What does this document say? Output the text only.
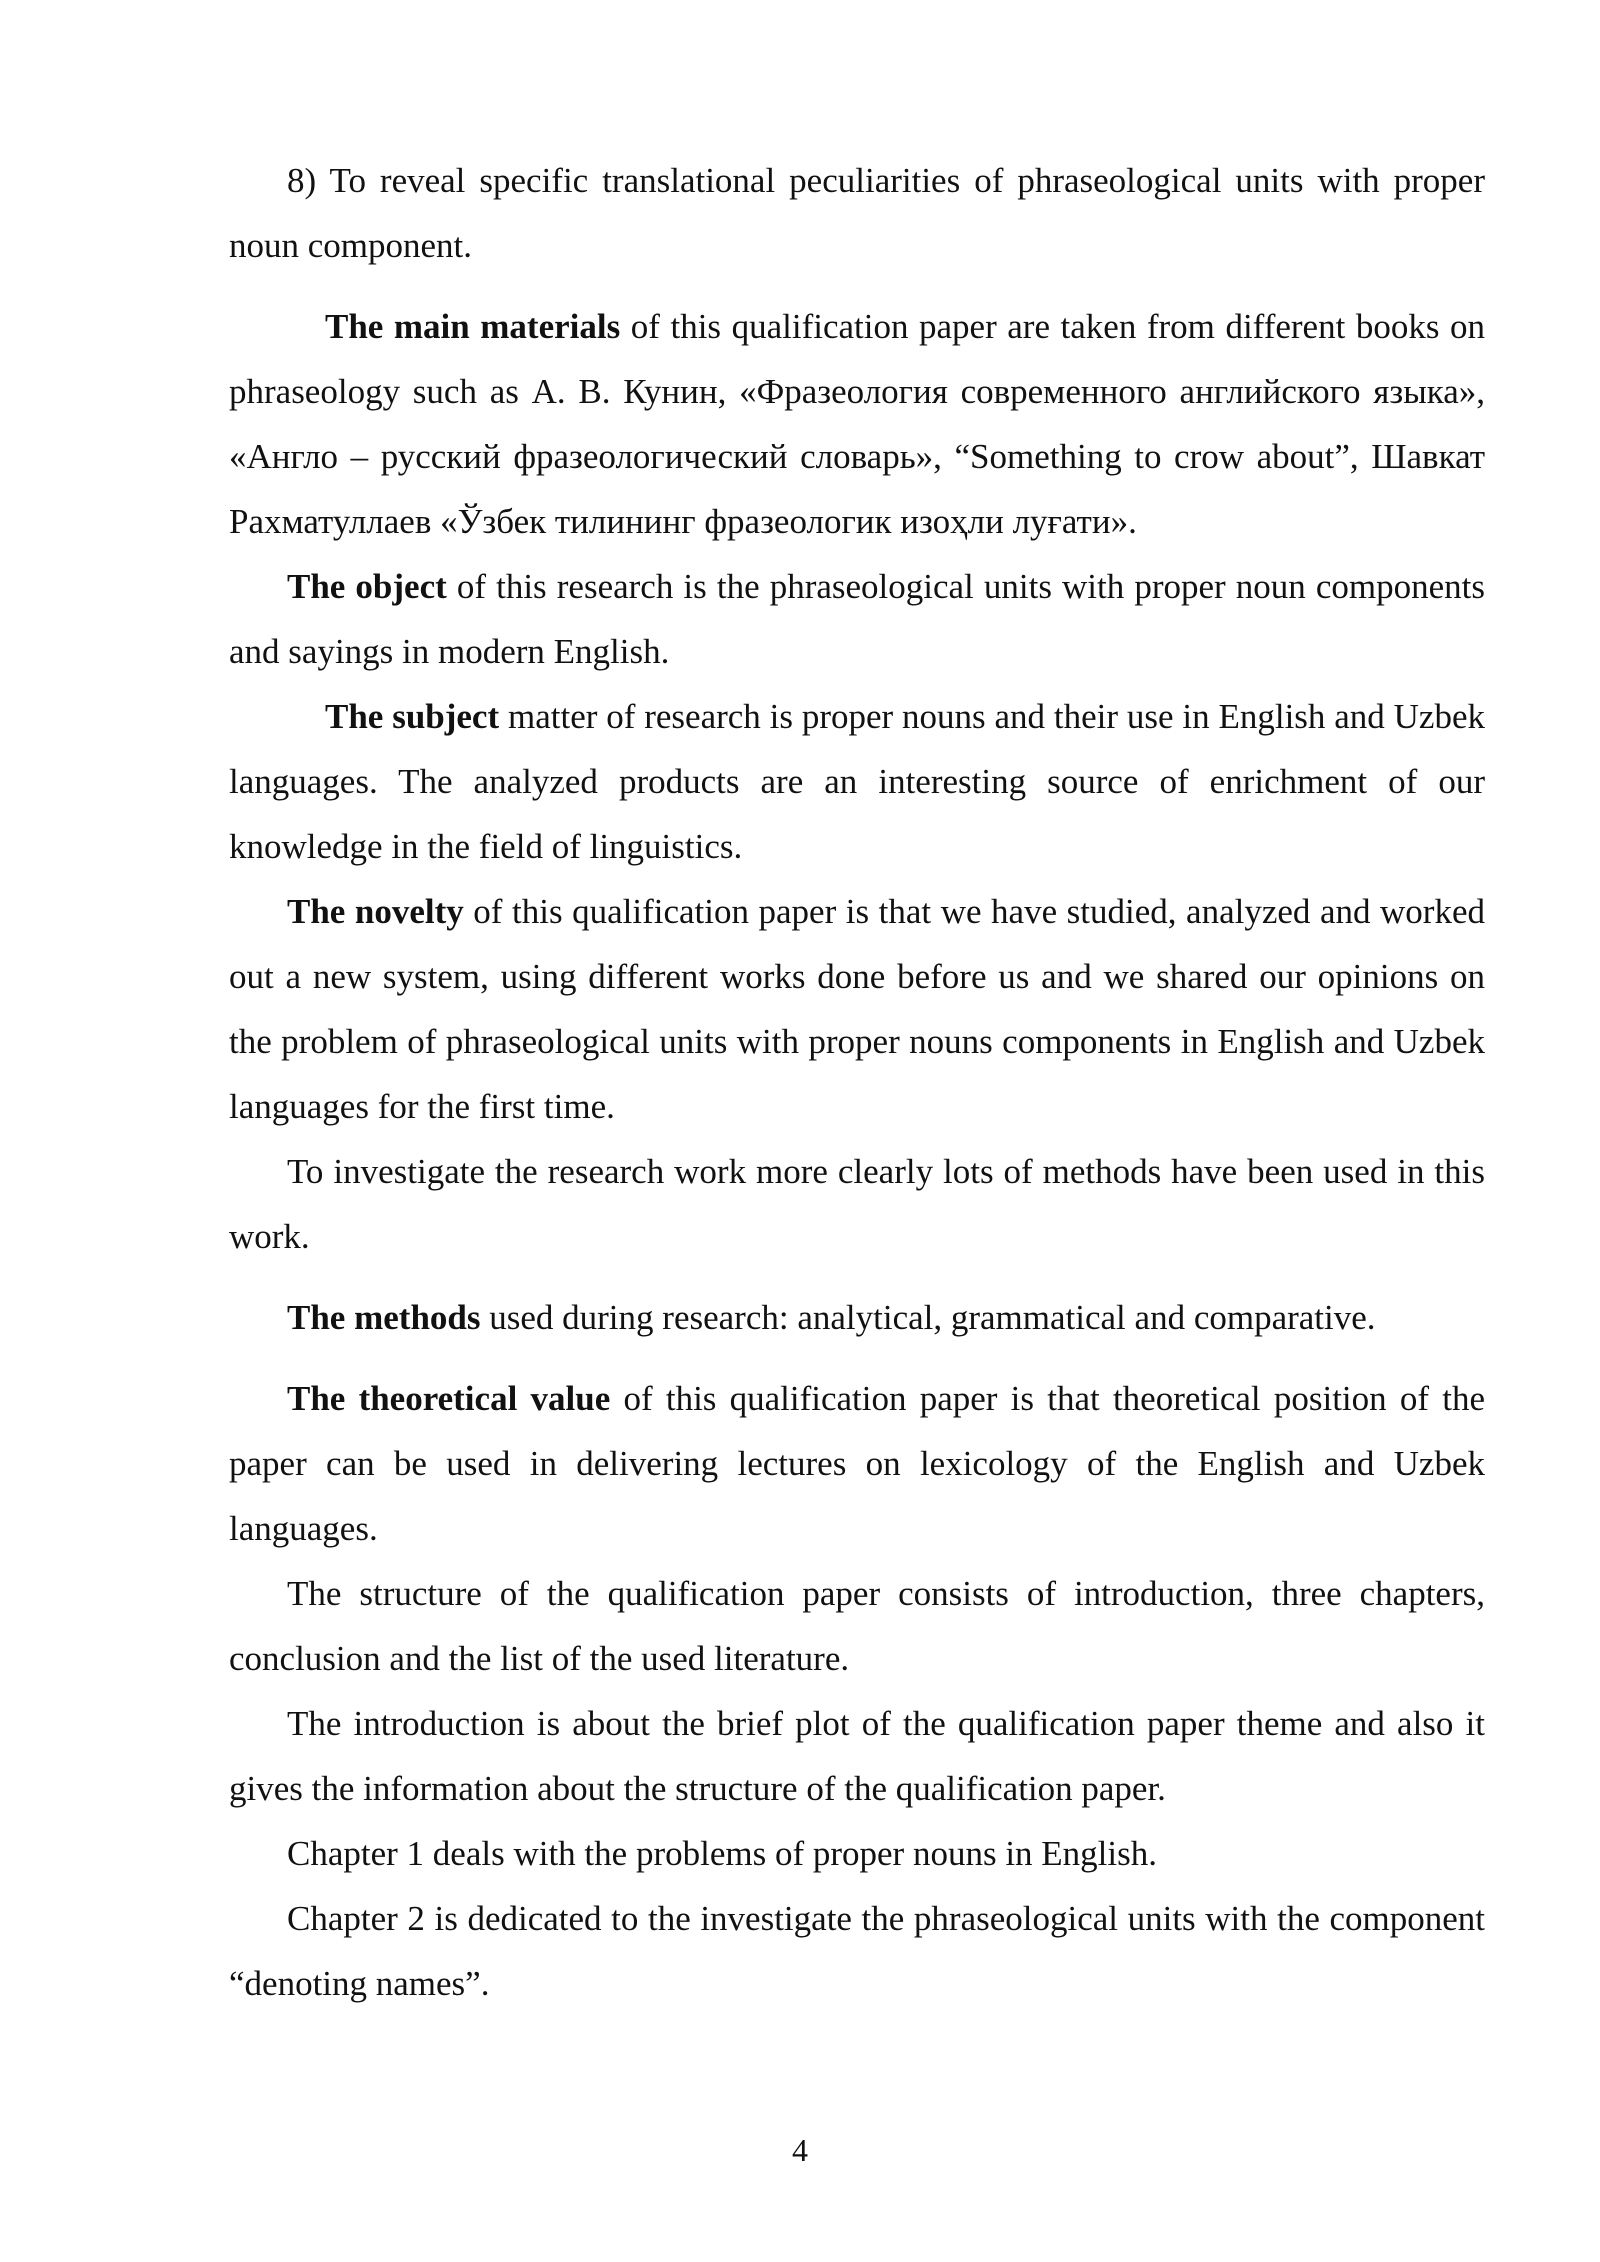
8) To reveal specific translational peculiarities of phraseological units with proper noun component.

The main materials of this qualification paper are taken from different books on phraseology such as А. В. Кунин, «Фразеология современного английского языка», «Англо – русский фразеологический словарь», “Something to crow about”, Шавкат Рахматуллаев «Ўзбек тилининг фразеологик изоҳли луғати».

The object of this research is the phraseological units with proper noun components and sayings in modern English.

The subject matter of research is proper nouns and their use in English and Uzbek languages. The analyzed products are an interesting source of enrichment of our knowledge in the field of linguistics.

The novelty of this qualification paper is that we have studied, analyzed and worked out a new system, using different works done before us and we shared our opinions on the problem of phraseological units with proper nouns components in English and Uzbek languages for the first time.

To investigate the research work more clearly lots of methods have been used in this work.

The methods used during research: analytical, grammatical and comparative.

The theoretical value of this qualification paper is that theoretical position of the paper can be used in delivering lectures on lexicology of the English and Uzbek languages.

The structure of the qualification paper consists of introduction, three chapters, conclusion and the list of the used literature.

The introduction is about the brief plot of the qualification paper theme and also it gives the information about the structure of the qualification paper.

Chapter 1 deals with the problems of proper nouns in English.

Chapter 2 is dedicated to the investigate the phraseological units with the component “denoting names”.

4
